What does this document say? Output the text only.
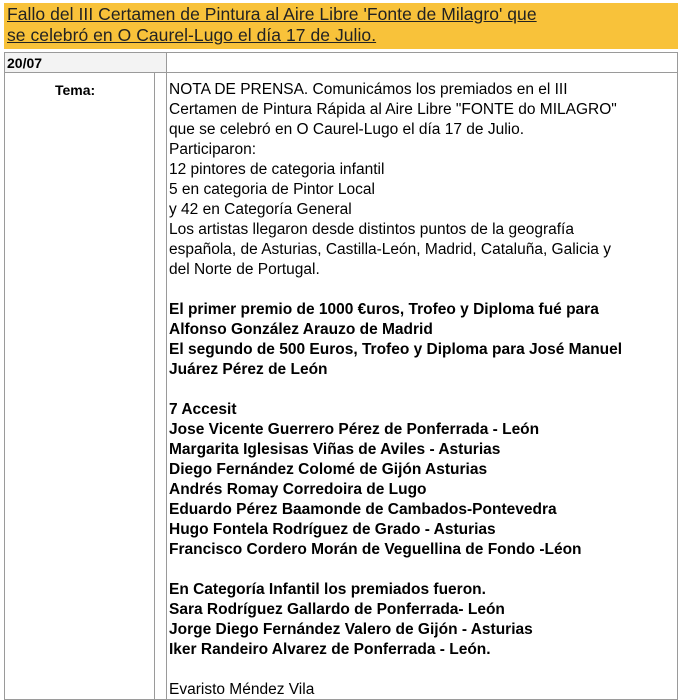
Fallo del III Certamen de Pintura al Aire Libre 'Fonte de Milagro' que
se celebró en O Caurel-Lugo el día 17 de Julio.
20/07
Tema:	NOTA DE PRENSA. Comunicámos los premiados en el III
Certamen de Pintura Rápida al Aire Libre "FONTE do MILAGRO"
que se celebró en O Caurel-Lugo el día 17 de Julio.
Participaron:
12 pintores de categoria infantil
5 en categoria de Pintor Local
y 42 en Categoría General
Los artistas llegaron desde distintos puntos de la geografía
española, de Asturias, Castilla-León, Madrid, Cataluña, Galicia y
del Norte de Portugal.
El primer premio de 1000 €uros, Trofeo y Diploma fué para
Alfonso González Arauzo de Madrid
El segundo de 500 Euros, Trofeo y Diploma para José Manuel
Juárez Pérez de León
7 Accesit
Jose Vicente Guerrero Pérez de Ponferrada - León
Margarita Iglesisas Viñas de Aviles - Asturias
Diego Fernández Colomé de Gijón Asturias
Andrés Romay Corredoira de Lugo
Eduardo Pérez Baamonde de Cambados-Pontevedra
Hugo Fontela Rodríguez de Grado - Asturias
Francisco Cordero Morán de Veguellina de Fondo -Léon
En Categoría Infantil los premiados fueron.
Sara Rodríguez Gallardo de Ponferrada- León
Jorge Diego Fernández Valero de Gijón - Asturias
Iker Randeiro Alvarez de Ponferrada - León.
Evaristo Méndez Vila
